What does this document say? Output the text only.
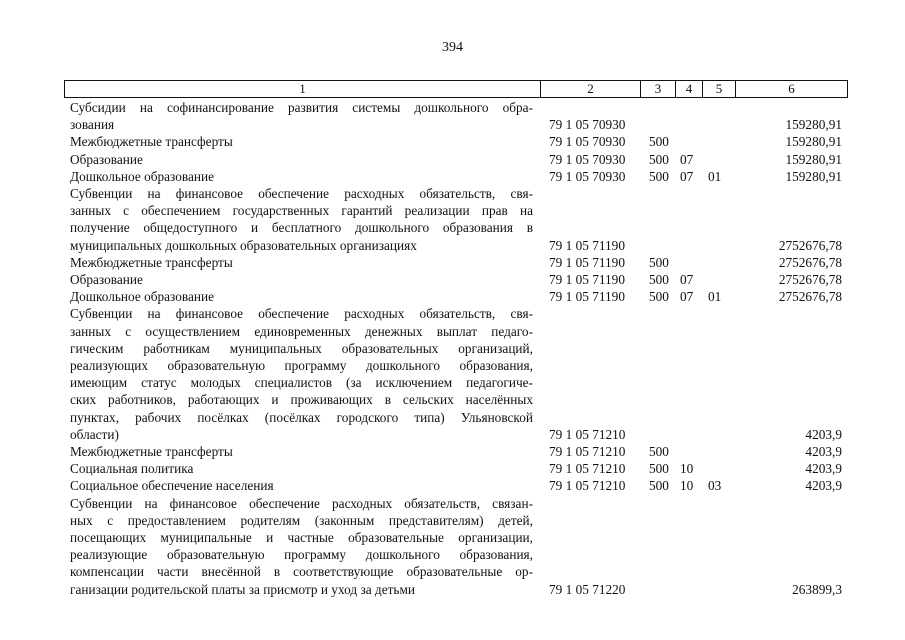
394
1	2	3	4	5	6
Субсидии на софинансирование развития системы дошкольного обра-
зования	79 1 05 70930	159280,91
Межбюджетные трансферты	79 1 05 70930 500	159280,91
Образование	79 1 05 70930 500 07	159280,91
Дошкольное образование	79 1 05 70930 500 07 01	159280,91
Субвенции на финансовое обеспечение расходных обязательств, свя-
занных с обеспечением государственных гарантий реализации прав на
получение общедоступного и бесплатного дошкольного образования в
муниципальных дошкольных образовательных организациях	79 1 05 71190	2752676,78
Межбюджетные трансферты	79 1 05 71190 500	2752676,78
Образование	79 1 05 71190 500 07	2752676,78
Дошкольное образование	79 1 05 71190 500 07 01	2752676,78
Субвенции на финансовое обеспечение расходных обязательств, свя-
занных с осуществлением единовременных денежных выплат педаго-
гическим работникам муниципальных образовательных организаций,
реализующих образовательную программу дошкольного образования,
имеющим статус молодых специалистов (за исключением педагогиче-
ских работников, работающих и проживающих в сельских населённых
пунктах, рабочих посёлках (посёлках городского типа) Ульяновской
области)	79 1 05 71210	4203,9
Межбюджетные трансферты	79 1 05 71210 500	4203,9
Социальная политика	79 1 05 71210 500 10	4203,9
Социальное обеспечение населения	79 1 05 71210 500 10 03	4203,9
Субвенции на финансовое обеспечение расходных обязательств, связан-
ных с предоставлением родителям (законным представителям) детей,
посещающих муниципальные и частные образовательные организации,
реализующие образовательную программу дошкольного образования,
компенсации части внесённой в соответствующие образовательные ор-
ганизации родительской платы за присмотр и уход за детьми	79 1 05 71220	263899,3
